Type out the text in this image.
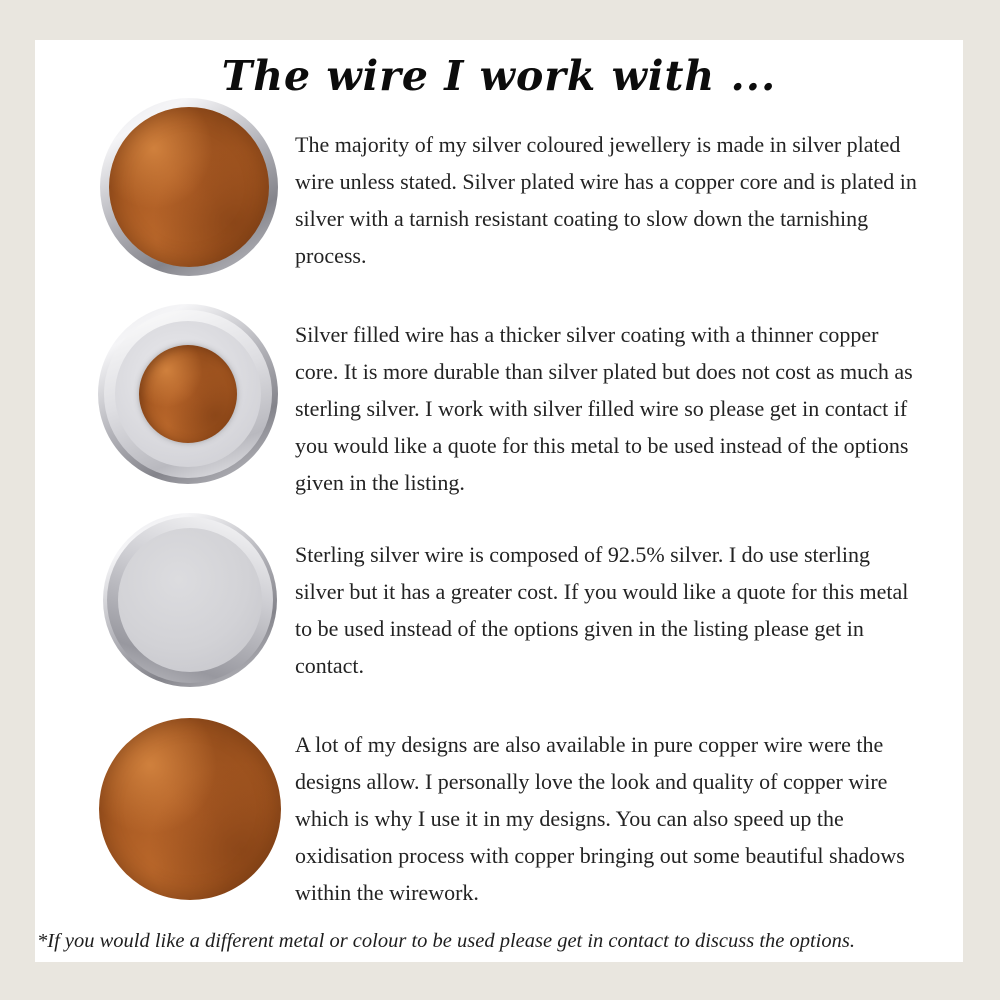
The wire I work with ...
The majority of my silver coloured jewellery is made in silver plated wire unless stated. Silver plated wire has a copper core and is plated in silver with a tarnish resistant coating to slow down the tarnishing process.
Silver filled wire has a thicker silver coating with a thinner copper core. It is more durable than silver plated but does not cost as much as sterling silver. I work with silver filled wire so please get in contact if you would like a quote for this metal to be used instead of the options given in the listing.
Sterling silver wire is composed of 92.5% silver. I do use sterling silver but it has a greater cost. If you would like a quote for this metal to be used instead of the options given in the listing please get in contact.
A lot of my designs are also available in pure copper wire were the designs allow. I personally love the look and quality of copper wire which is why I use it in my designs. You can also speed up the oxidisation process with copper bringing out some beautiful shadows within the wirework.
*If you would like a different metal or colour to be used please get in contact to discuss the options.
